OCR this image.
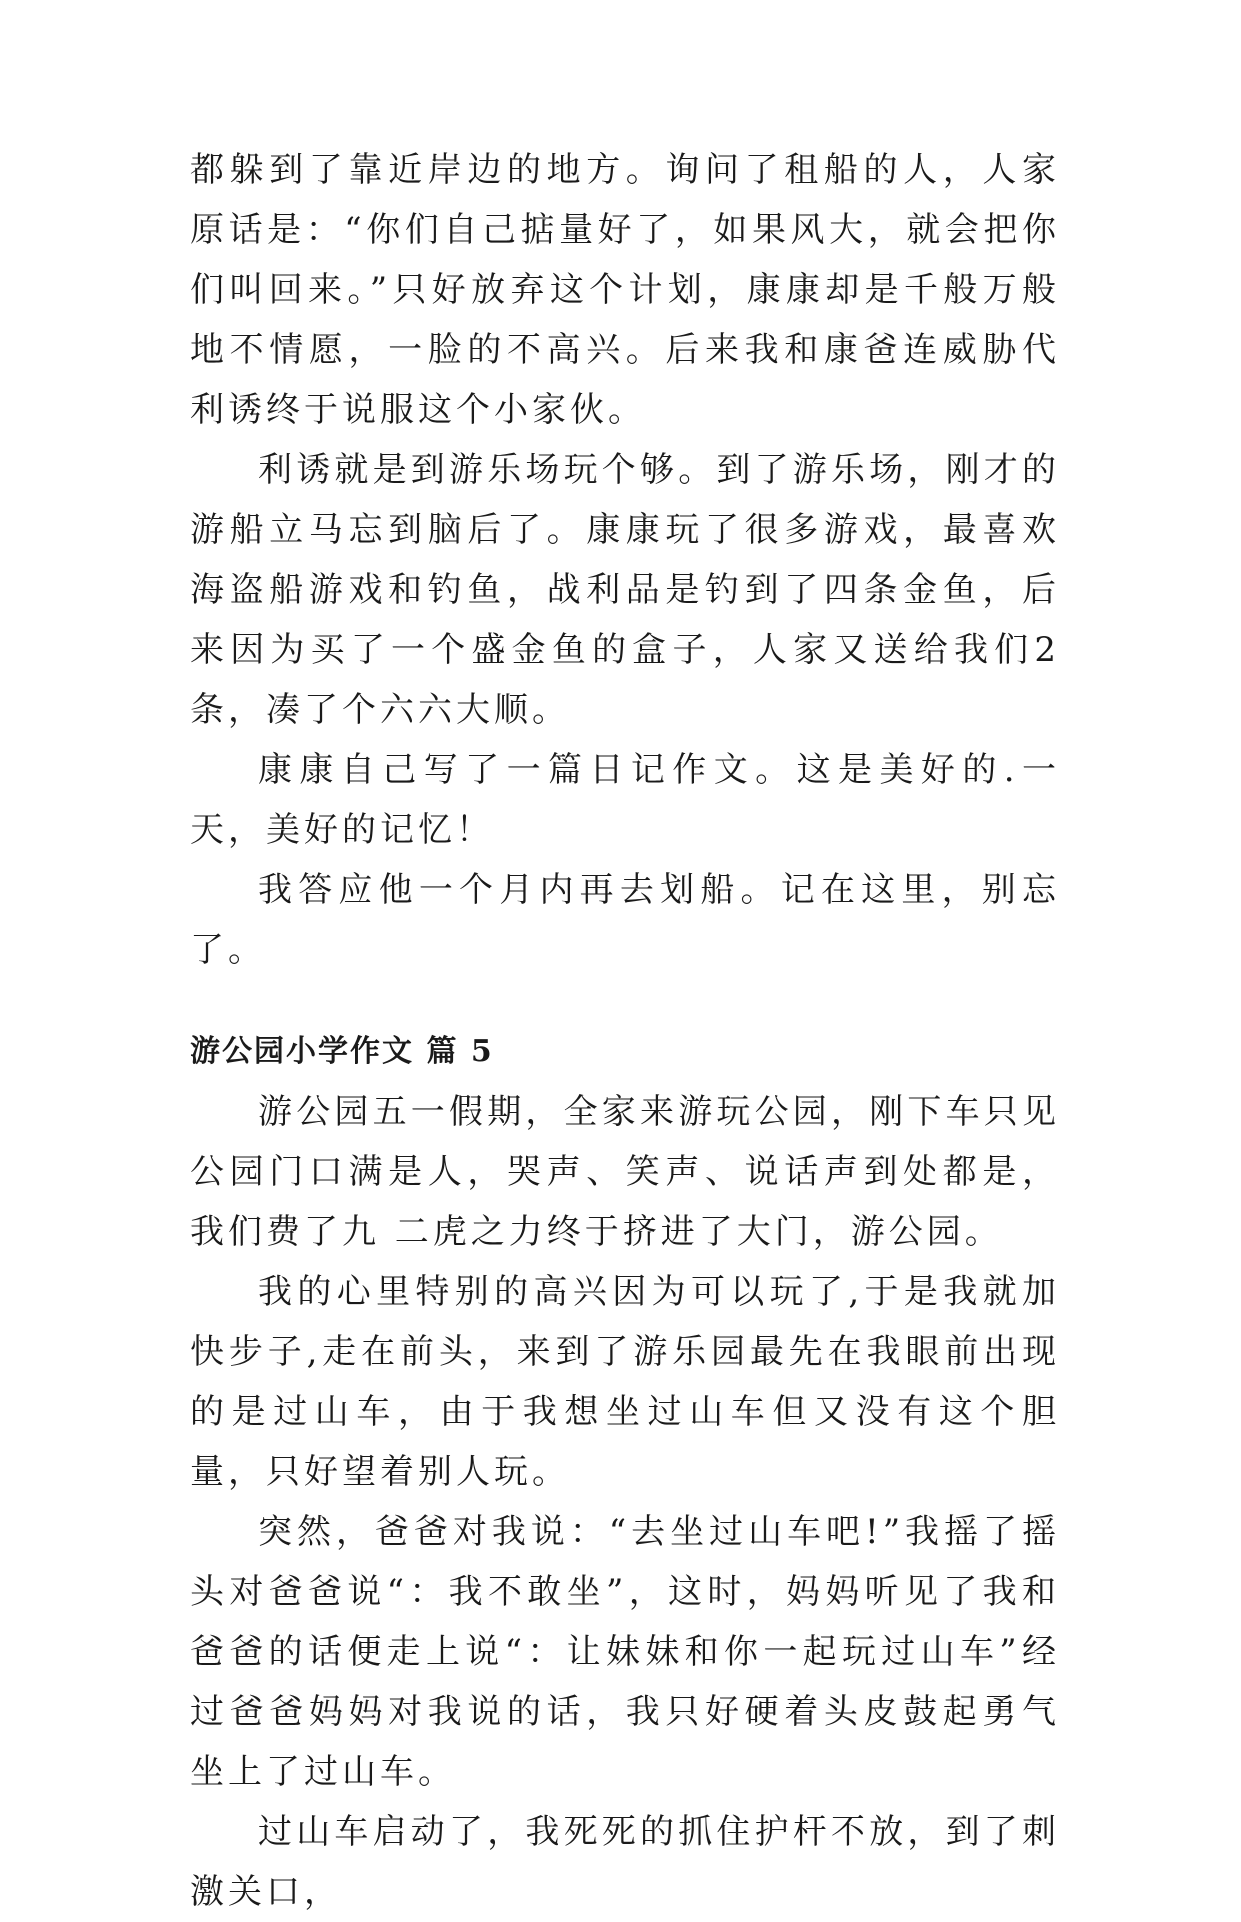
都躲到了靠近岸边的地方。询问了租船的人，人家原话是：“你们自己掂量好了，如果风大，就会把你们叫回来。”只好放弃这个计划，康康却是千般万般地不情愿，一脸的不高兴。后来我和康爸连威胁代利诱终于说服这个小家伙。

利诱就是到游乐场玩个够。到了游乐场，刚才的游船立马忘到脑后了。康康玩了很多游戏，最喜欢海盗船游戏和钓鱼，战利品是钓到了四条金鱼，后来因为买了一个盛金鱼的盒子，人家又送给我们2条，凑了个六六大顺。

康康自己写了一篇日记作文。这是美好的.一天，美好的记忆！

我答应他一个月内再去划船。记在这里，别忘了。

游公园小学作文 篇 5

游公园五一假期，全家来游玩公园，刚下车只见公园门口满是人，哭声、笑声、说话声到处都是，我们费了九 二虎之力终于挤进了大门，游公园。

我的心里特别的高兴因为可以玩了,于是我就加快步子,走在前头，来到了游乐园最先在我眼前出现的是过山车，由于我想坐过山车但又没有这个胆量，只好望着别人玩。

突然，爸爸对我说：“去坐过山车吧!”我摇了摇头对爸爸说“：我不敢坐”，这时，妈妈听见了我和爸爸的话便走上说“：让妹妹和你一起玩过山车”经过爸爸妈妈对我说的话，我只好硬着头皮鼓起勇气坐上了过山车。

过山车启动了，我死死的抓住护杆不放，到了刺激关口，
